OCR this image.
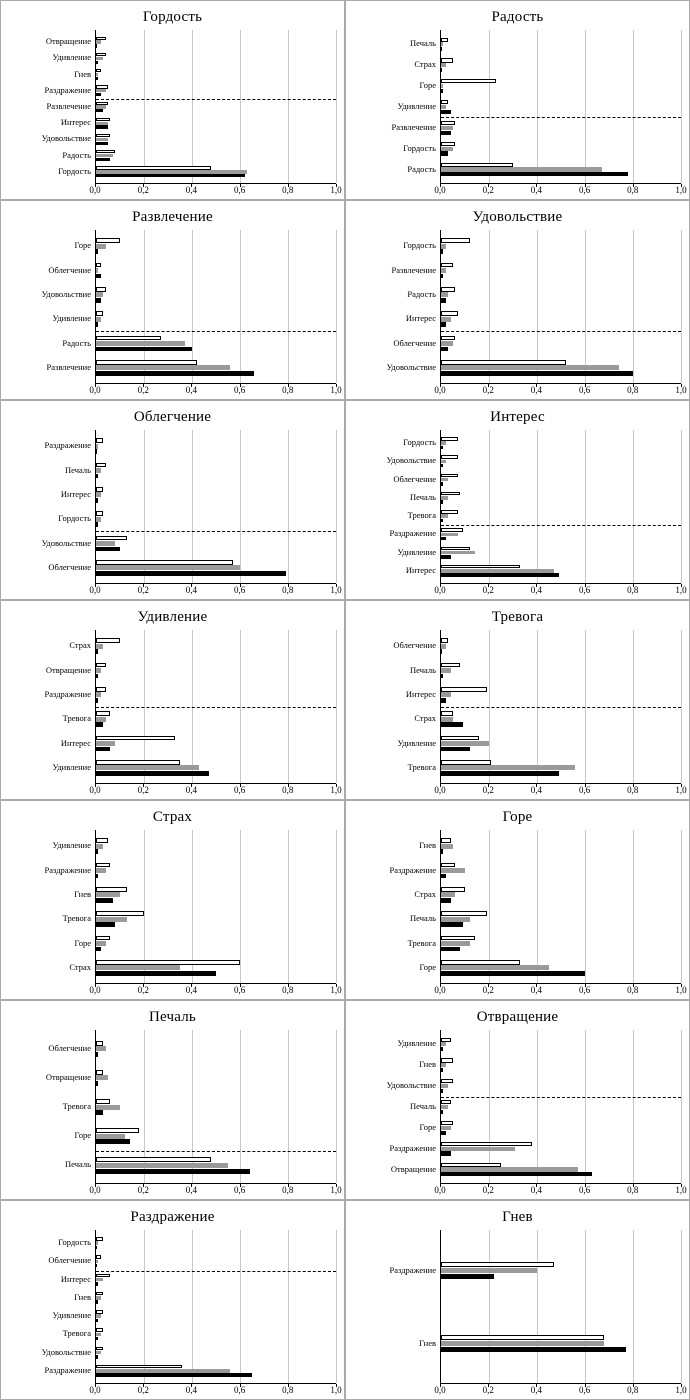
Гордость
Отвращение
Удивление
Гнев
Раздражение
Развлечение
Интерес
Удовольствие
Радость
Гордость
0,0	0,2	0,4	0,6	0,8	1,0
Радость
Печаль
Страх
Горе
Удивление
Развлечение
Гордость
Радость
0,0	0,2	0,4	0,6	0,8	1,0
Развлечение
Горе
Облегчение
Удовольствие
Удивление
Радость
Развлечение
0,0	0,2	0,4	0,6	0,8	1,0
Удовольствие
Гордость
Развлечение
Радость
Интерес
Облегчение
Удовольствие
0,0	0,2	0,4	0,6	0,8	1,0
Облегчение
Раздражение
Печаль
Интерес
Гордость
Удовольствие
Облегчение
0,0	0,2	0,4	0,6	0,8	1,0
Интерес
Гордость
Удовольствие
Облегчение
Печаль
Тревога
Раздражение
Удивление
Интерес
0,0	0,2	0,4	0,6	0,8	1,0
Удивление
Страх
Отвращение
Раздражение
Тревога
Интерес
Удивление
0,0	0,2	0,4	0,6	0,8	1,0
Тревога
Облегчение
Печаль
Интерес
Страх
Удивление
Тревога
0,0	0,2	0,4	0,6	0,8	1,0
Страх
Удивление
Раздражение
Гнев
Тревога
Горе
Страх
0,0	0,2	0,4	0,6	0,8	1,0
Горе
Гнев
Раздражение
Страх
Печаль
Тревога
Горе
0,0	0,2	0,4	0,6	0,8	1,0
Печаль
Облегчение
Отвращение
Тревога
Горе
Печаль
0,0	0,2	0,4	0,6	0,8	1,0
Отвращение
Удивление
Гнев
Удовольствие
Печаль
Горе
Раздражение
Отвращение
0,0	0,2	0,4	0,6	0,8	1,0
Раздражение
Гордость
Облегчение
Интерес
Гнев
Удивление
Тревога
Удовольствие
Раздражение
0,0	0,2	0,4	0,6	0,8	1,0
Гнев
Раздражение
Гнев
0,0	0,2	0,4	0,6	0,8	1,0
